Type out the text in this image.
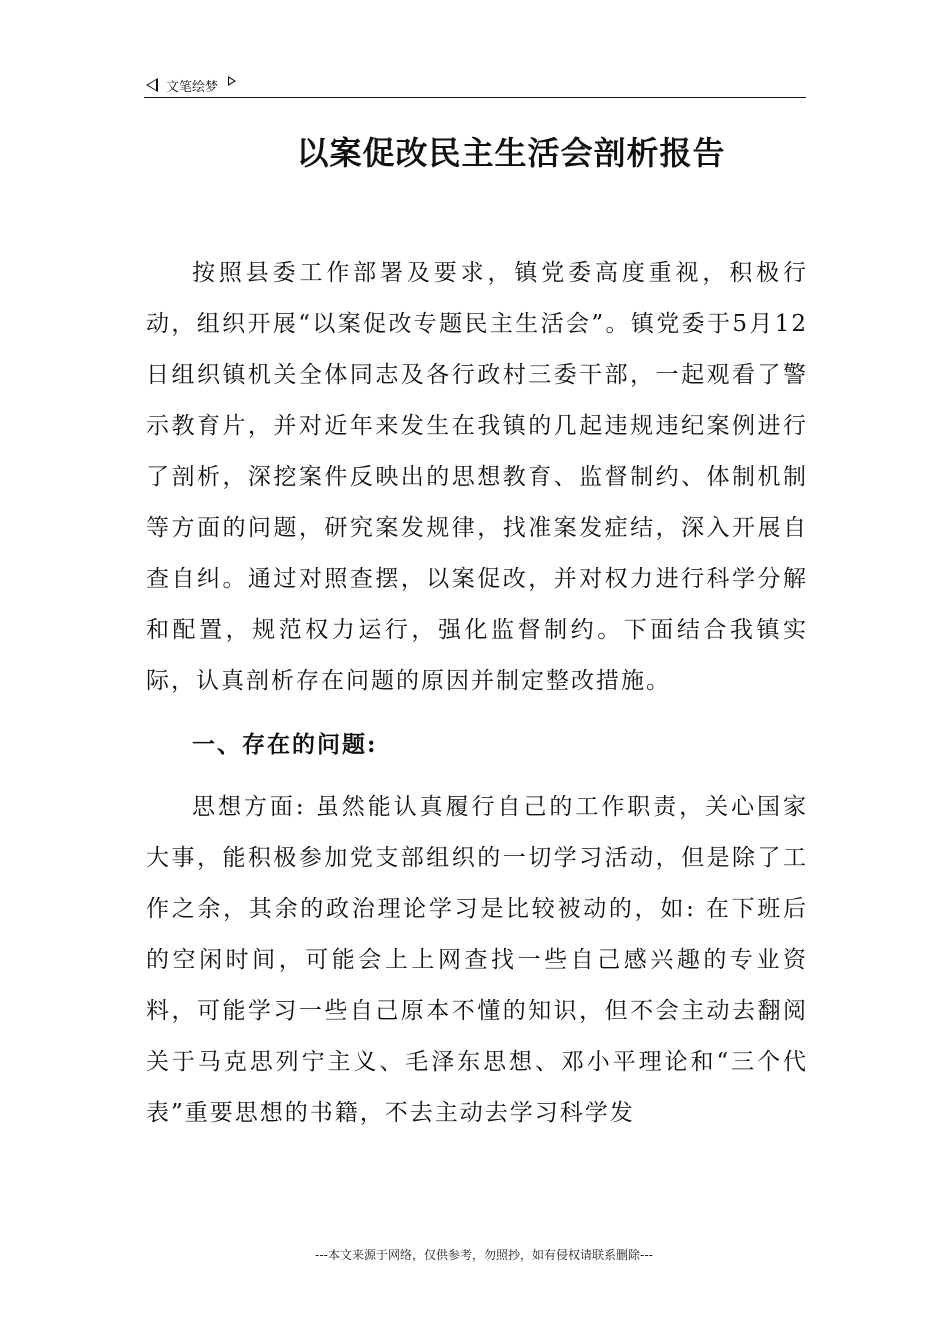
文笔绘梦
以案促改民主生活会剖析报告

按照县委工作部署及要求，镇党委高度重视，积极行动，组织开展“以案促改专题民主生活会”。镇党委于5月12日组织镇机关全体同志及各行政村三委干部，一起观看了警示教育片，并对近年来发生在我镇的几起违规违纪案例进行了剖析，深挖案件反映出的思想教育、监督制约、体制机制等方面的问题，研究案发规律，找准案发症结，深入开展自查自纠。通过对照查摆，以案促改，并对权力进行科学分解和配置，规范权力运行，强化监督制约。下面结合我镇实际，认真剖析存在问题的原因并制定整改措施。

一、存在的问题:

思想方面: 虽然能认真履行自己的工作职责，关心国家大事，能积极参加党支部组织的一切学习活动，但是除了工作之余，其余的政治理论学习是比较被动的，如: 在下班后的空闲时间，可能会上上网查找一些自己感兴趣的专业资料，可能学习一些自己原本不懂的知识，但不会主动去翻阅关于马克思列宁主义、毛泽东思想、邓小平理论和“三个代表”重要思想的书籍，不去主动去学习科学发

---本文来源于网络，仅供参考，勿照抄，如有侵权请联系删除---
